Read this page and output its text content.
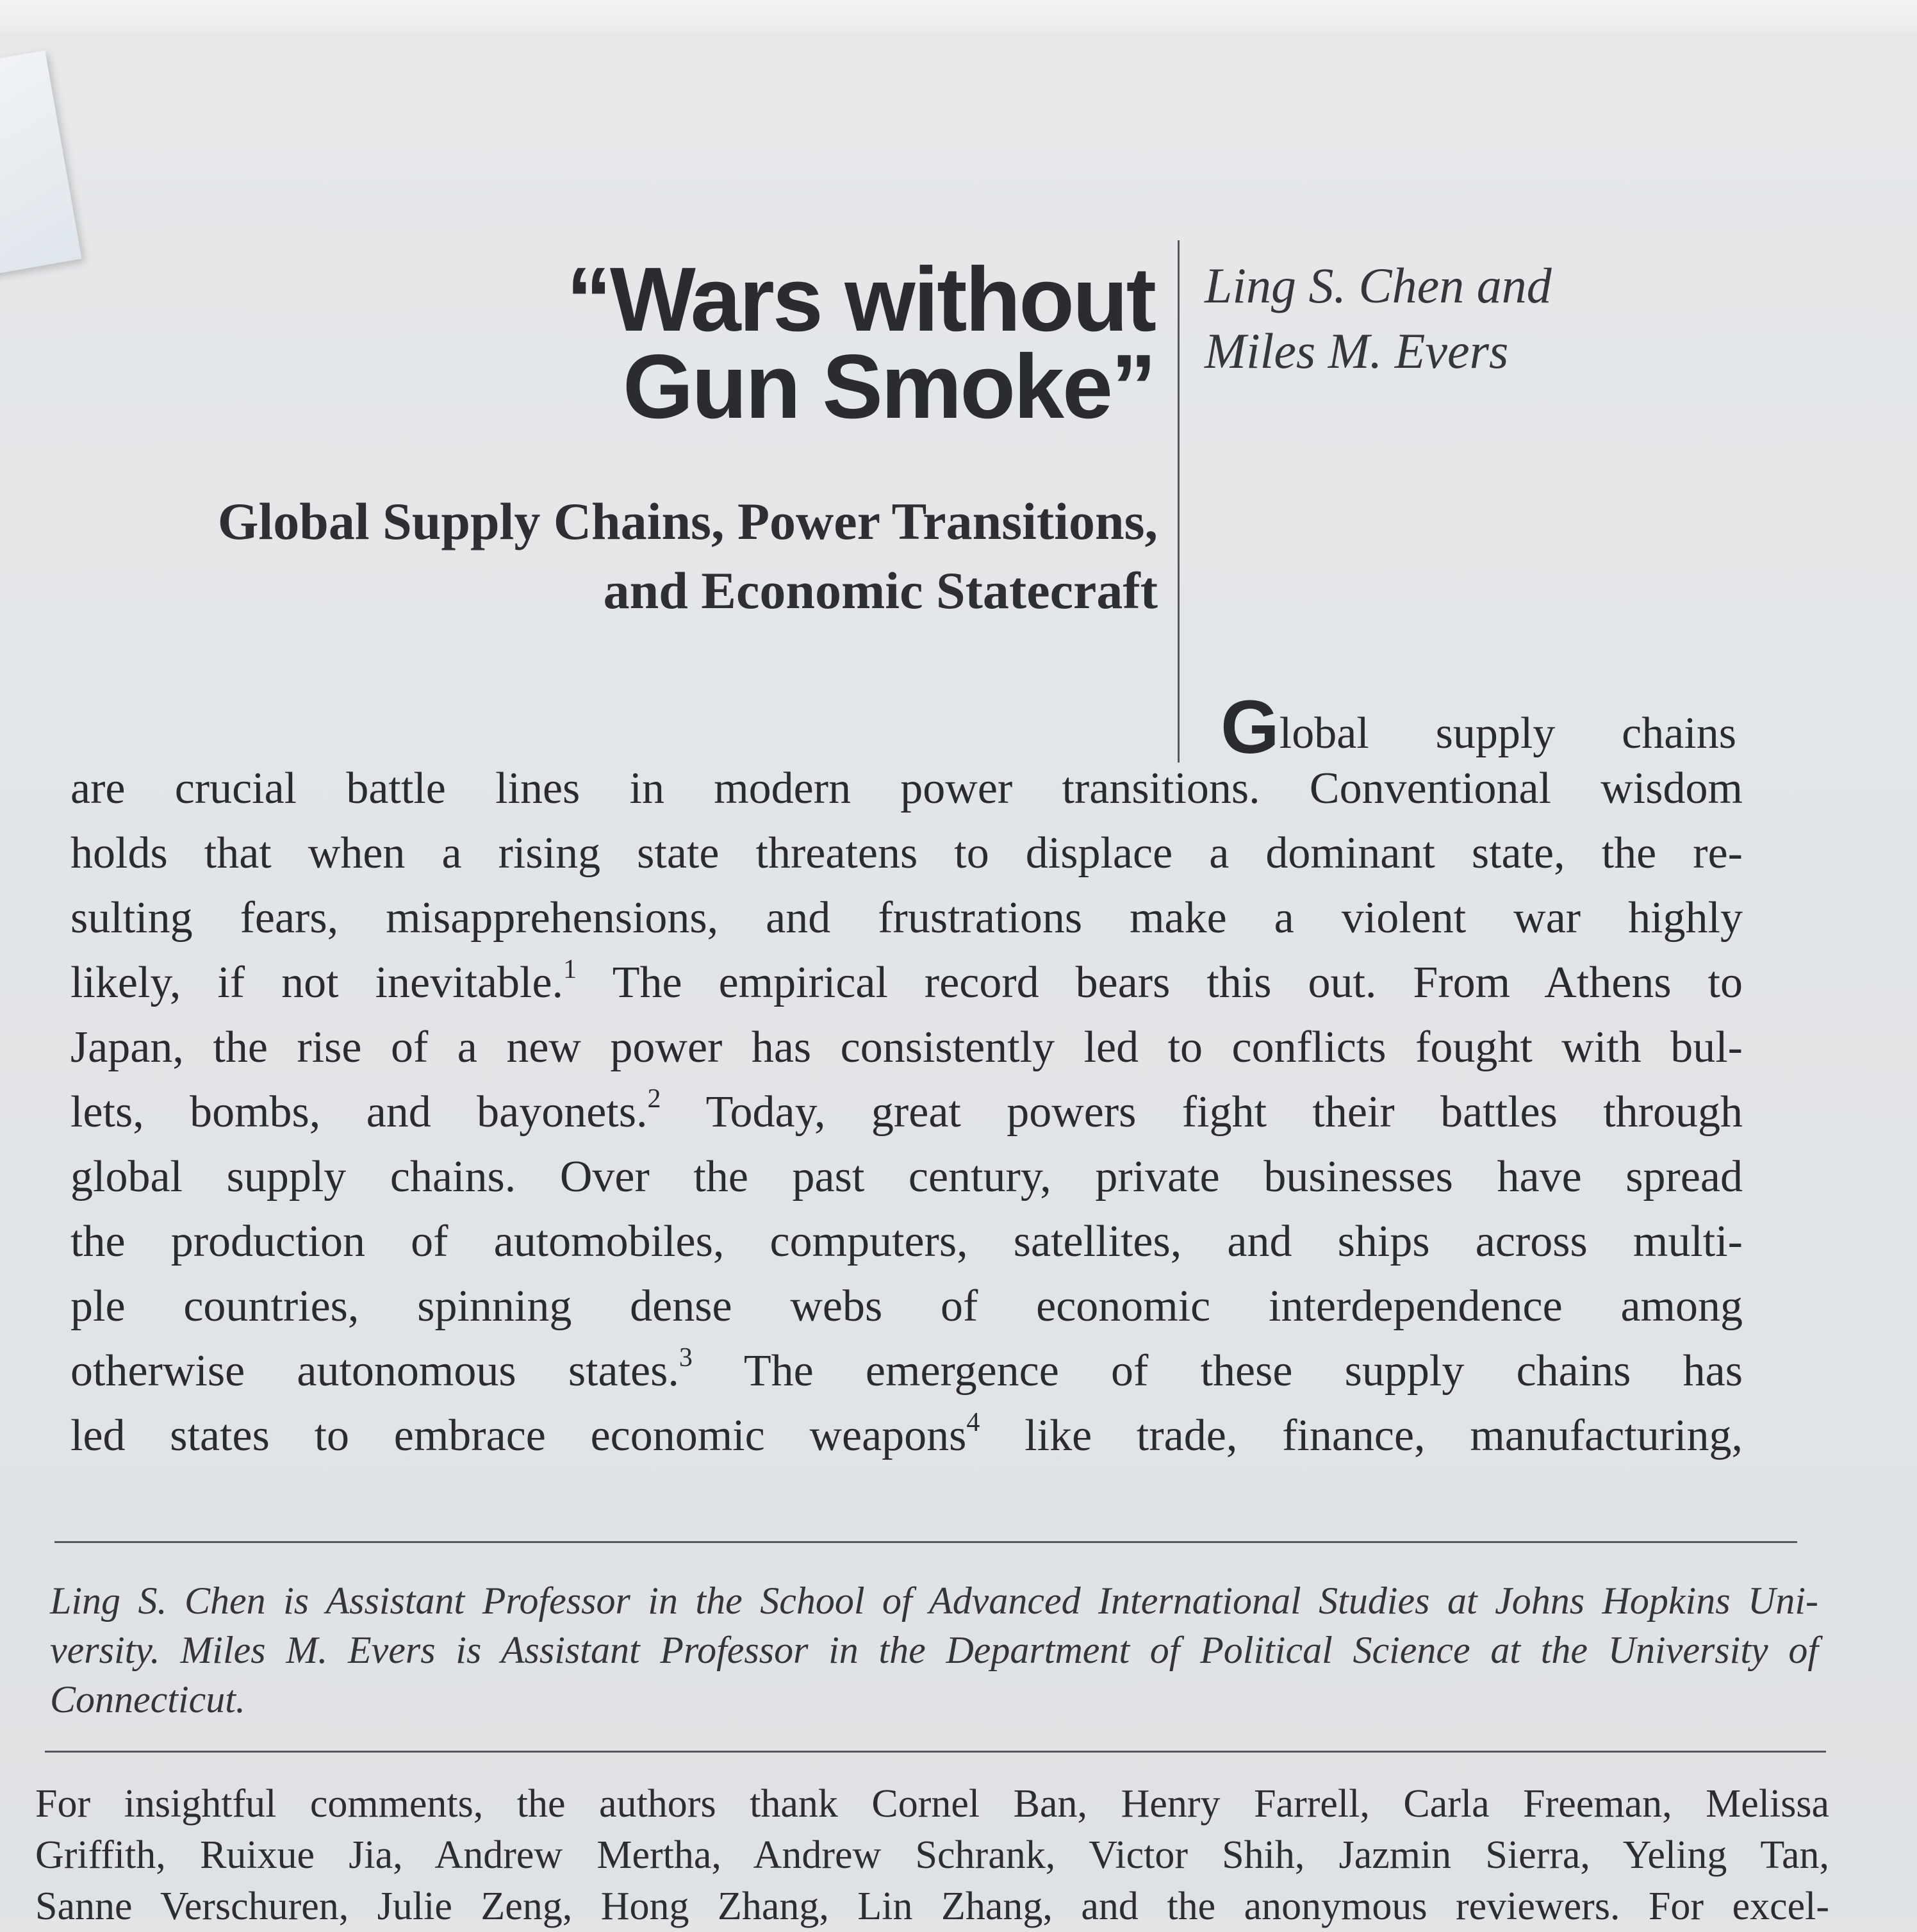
“Wars without
Gun Smoke”
Global Supply Chains, Power Transitions,
and Economic Statecraft
Ling S. Chen and
Miles M. Evers
Global supply chains
are crucial battle lines in modern power transitions. Conventional wisdom
holds that when a rising state threatens to displace a dominant state, the re-
sulting fears, misapprehensions, and frustrations make a violent war highly
likely, if not inevitable.$^1$ The empirical record bears this out. From Athens to
Japan, the rise of a new power has consistently led to conflicts fought with bul-
lets, bombs, and bayonets.$^2$ Today, great powers fight their battles through
global supply chains. Over the past century, private businesses have spread
the production of automobiles, computers, satellites, and ships across multi-
ple countries, spinning dense webs of economic interdependence among
otherwise autonomous states.$^3$ The emergence of these supply chains has
led states to embrace economic weapons$^4$ like trade, finance, manufacturing,
Ling S. Chen is Assistant Professor in the School of Advanced International Studies at Johns Hopkins Uni-
versity. Miles M. Evers is Assistant Professor in the Department of Political Science at the University of
Connecticut.
For insightful comments, the authors thank Cornel Ban, Henry Farrell, Carla Freeman, Melissa
Griffith, Ruixue Jia, Andrew Mertha, Andrew Schrank, Victor Shih, Jazmin Sierra, Yeling Tan,
Sanne Verschuren, Julie Zeng, Hong Zhang, Lin Zhang, and the anonymous reviewers. For excel-
